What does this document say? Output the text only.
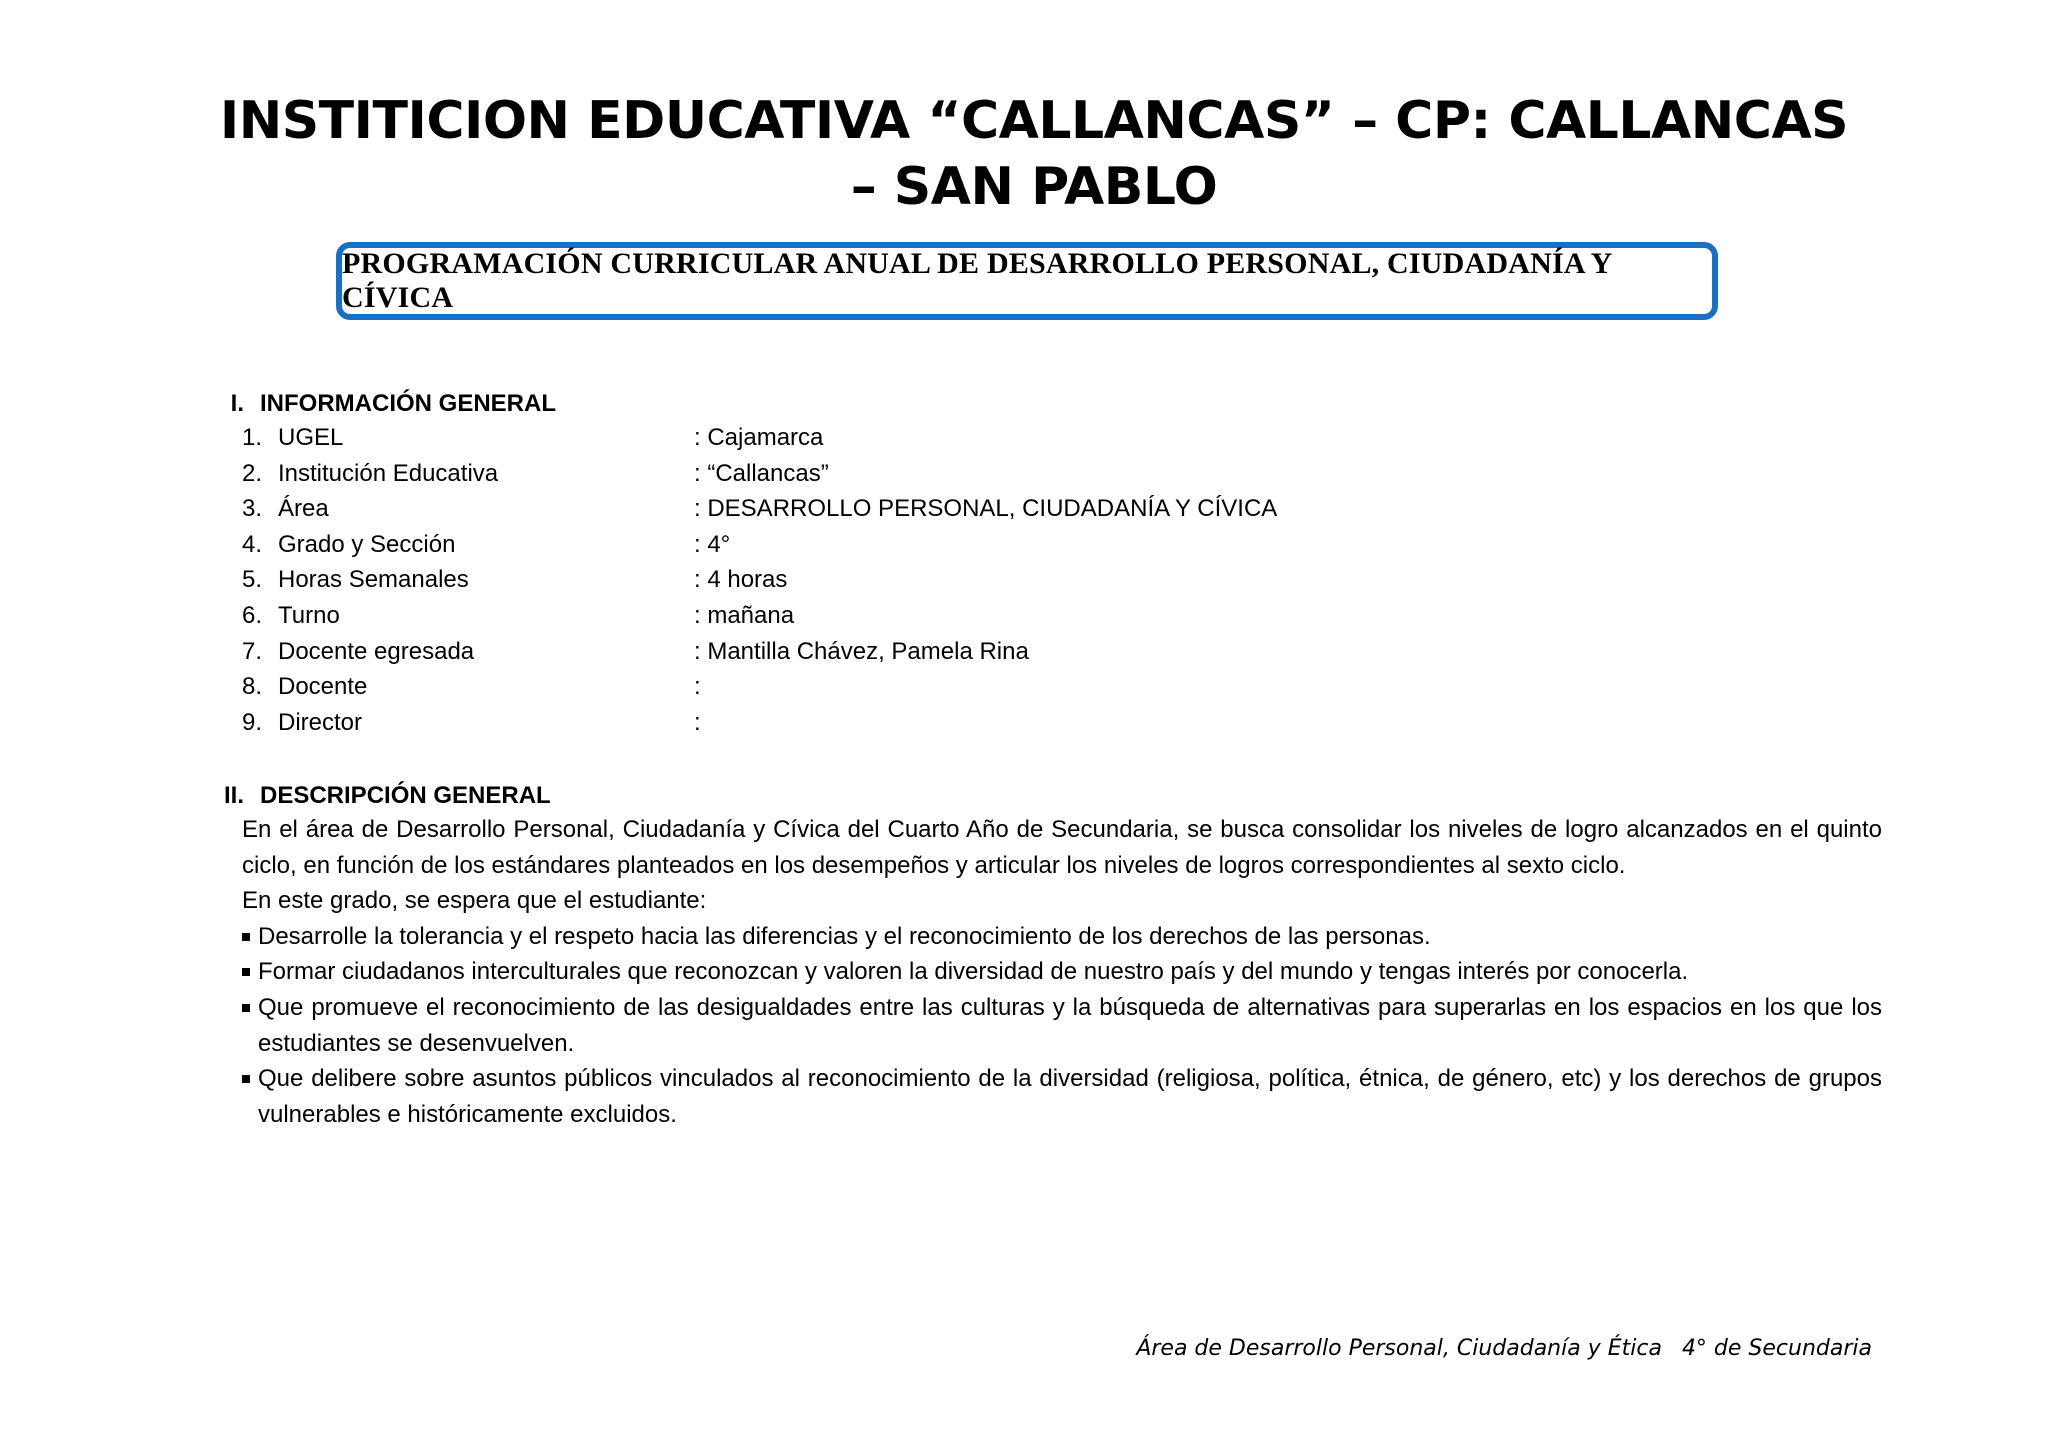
INSTITICION EDUCATIVA “CALLANCAS” – CP: CALLANCAS – SAN PABLO
PROGRAMACIÓN CURRICULAR ANUAL DE DESARROLLO PERSONAL, CIUDADANÍA Y CÍVICA
I. INFORMACIÓN GENERAL
1. UGEL	: Cajamarca
2. Institución Educativa	: “Callancas”
3. Área	: DESARROLLO PERSONAL, CIUDADANÍA Y CÍVICA
4. Grado y Sección	: 4°
5. Horas Semanales	: 4 horas
6. Turno	: mañana
7. Docente egresada	: Mantilla Chávez, Pamela Rina
8. Docente	:
9. Director	:
II. DESCRIPCIÓN GENERAL

En el área de Desarrollo Personal, Ciudadanía y Cívica del Cuarto Año de Secundaria, se busca consolidar los niveles de logro alcanzados en el quinto ciclo, en función de los estándares planteados en los desempeños y articular los niveles de logros correspondientes al sexto ciclo.

En este grado, se espera que el estudiante:

Desarrolle la tolerancia y el respeto hacia las diferencias y el reconocimiento de los derechos de las personas.
Formar ciudadanos interculturales que reconozcan y valoren la diversidad de nuestro país y del mundo y tengas interés por conocerla.
Que promueve el reconocimiento de las desigualdades entre las culturas y la búsqueda de alternativas para superarlas en los espacios en los que los estudiantes se desenvuelven.
Que delibere sobre asuntos públicos vinculados al reconocimiento de la diversidad (religiosa, política, étnica, de género, etc) y los derechos de grupos vulnerables e históricamente excluidos.
Área de Desarrollo Personal, Ciudadanía y Ética 4° de Secundaria
